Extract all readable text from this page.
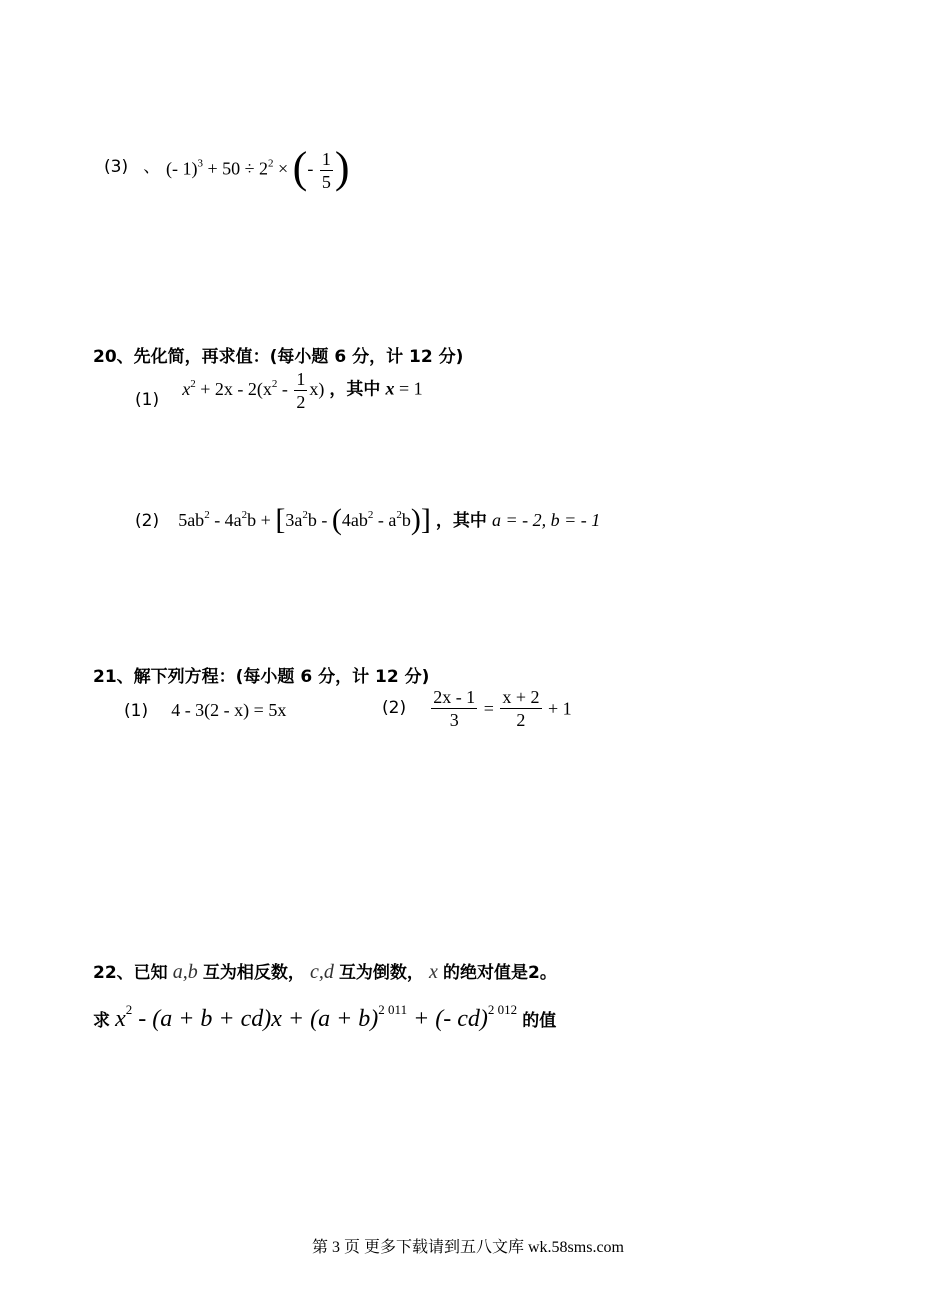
(3) 、 (- $1)^3 + 50 \div 2^2$ × (- $\frac{1}{5}$ )
20、先化简，再求值：(每小题 6 分，计 12 分)
(1) $x^2 + 2x - 2(x^2 - \frac{1}{2} x)$ ，其中 x = 1
(2) $5ab^2 - 4a^2b + [3a^2b - (4ab^2 - a^2b)]$ ，其中 a = - 2, b = - 1
21、解下列方程：(每小题 6 分，计 12 分)
(1) 4 - 3(2 - x) = 5x	$(2) \frac{2x - 1}{3} = \frac{x + 2}{2} + 1$
22、已知 a,b 互为相反数， c,d 互为倒数， x 的绝对值是2。
求 $x^2 - (a + b + cd)x + (a + b)^{2 011}$ + (- cd)$^{2 012}$ 的值
第 3 页 更多下载请到五八文库 wk.58sms.com
